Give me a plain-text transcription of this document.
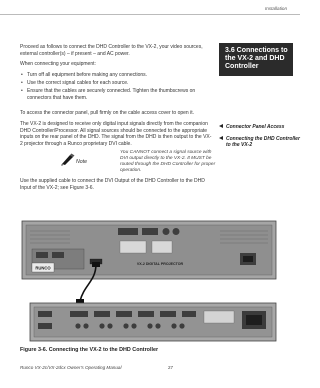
Installation
3.6 Connections to the VX-2 and DHD Controller
Connector Panel Access
Connecting the DHD Controller to the VX-2
Proceed as follows to connect the DHD Controller to the VX-2, your video sources, external controller(s) – if present – and AC power.
When connecting your equipment:
• Turn off all equipment before making any connections.
• Use the correct signal cables for each source.
• Ensure that the cables are securely connected. Tighten the thumbscrews on connectors that have them.
To access the connector panel, pull firmly on the cable access cover to open it.
The VX-2 is designed to receive only digital input signals directly from the companion DHD Controller/Processor. All signal sources should be connected to the appropriate inputs on the rear panel of the DHD. The signal from the DHD is then output to the VX-2 projector through a Runco proprietary DVI cable.
Note
You CANNOT connect a signal source with DVI output directly to the VX-2. It MUST be routed through the DHD Controller for proper operation.
Use the supplied cable to connect the DVI Output of the DHD Controller to the DHD Input of the VX-2; see Figure 3-6.
RUNCO
VX-2 DIGITAL PROJECTOR
Figure 3-6. Connecting the VX-2 to the DHD Controller
Runco VX-2c/VX-2dcx Owner's Operating Manual	27
